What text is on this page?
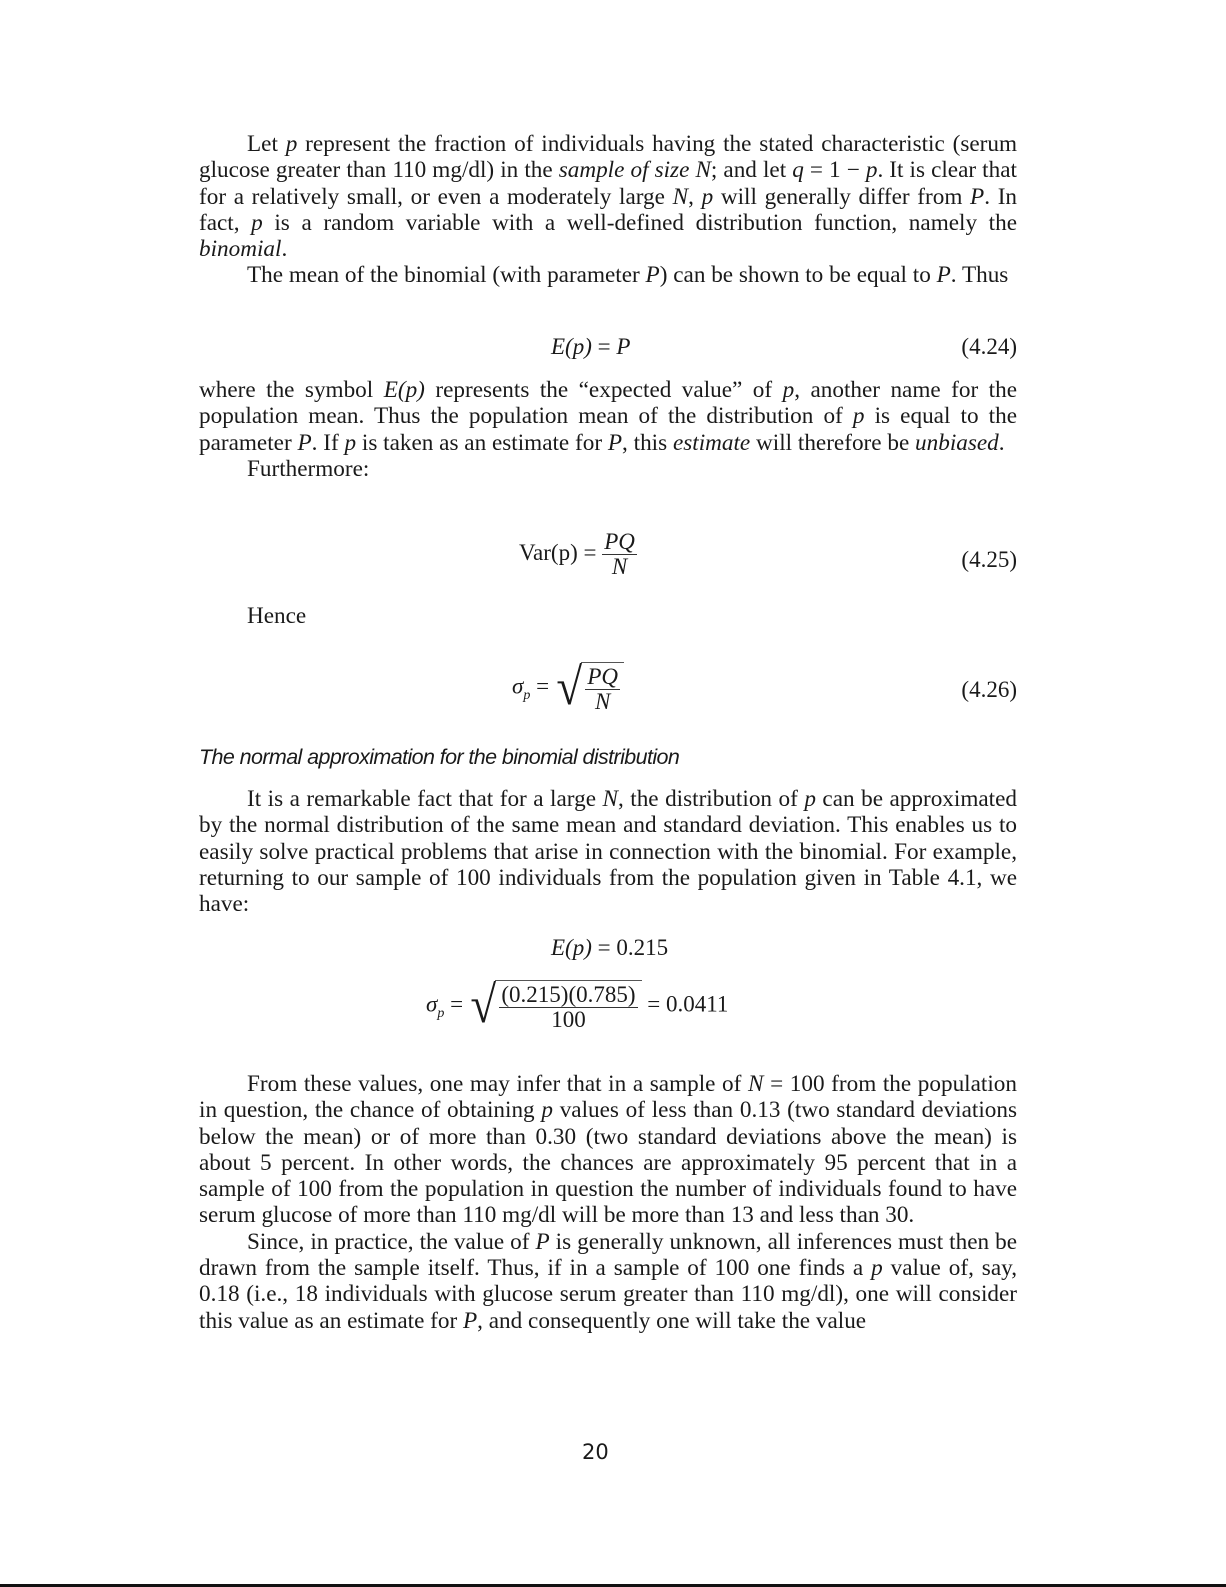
Let p represent the fraction of individuals having the stated characteristic (serum glucose greater than 110 mg/dl) in the sample of size N; and let q = 1 − p. It is clear that for a relatively small, or even a moderately large N, p will generally differ from P. In fact, p is a random variable with a well-defined distribution function, namely the binomial.

The mean of the binomial (with parameter P) can be shown to be equal to P. Thus

E(p) = P	(4.24)

where the symbol E(p) represents the “expected value” of p, another name for the population mean. Thus the population mean of the distribution of p is equal to the parameter P. If p is taken as an estimate for P, this estimate will therefore be unbiased.

Furthermore:

$Var(p) = \frac{PQ}{N}$	(4.25)

Hence

$\sigma_p$ = √ $\frac{PQ}{N}$	(4.26)
The normal approximation for the binomial distribution

It is a remarkable fact that for a large N, the distribution of p can be approximated by the normal distribution of the same mean and standard deviation. This enables us to easily solve practical problems that arise in connection with the binomial. For example, returning to our sample of 100 individuals from the population given in Table 4.1, we have:

E(p) = 0.215
$\sigma_p$ = √ $\frac{(0.215)(0.785)}{100} = 0.0411$

From these values, one may infer that in a sample of N = 100 from the population in question, the chance of obtaining p values of less than 0.13 (two standard deviations below the mean) or of more than 0.30 (two standard deviations above the mean) is about 5 percent. In other words, the chances are approximately 95 percent that in a sample of 100 from the population in question the number of individuals found to have serum glucose of more than 110 mg/dl will be more than 13 and less than 30.

Since, in practice, the value of P is generally unknown, all inferences must then be drawn from the sample itself. Thus, if in a sample of 100 one finds a p value of, say, 0.18 (i.e., 18 individuals with glucose serum greater than 110 mg/dl), one will consider this value as an estimate for P, and consequently one will take the value

20
